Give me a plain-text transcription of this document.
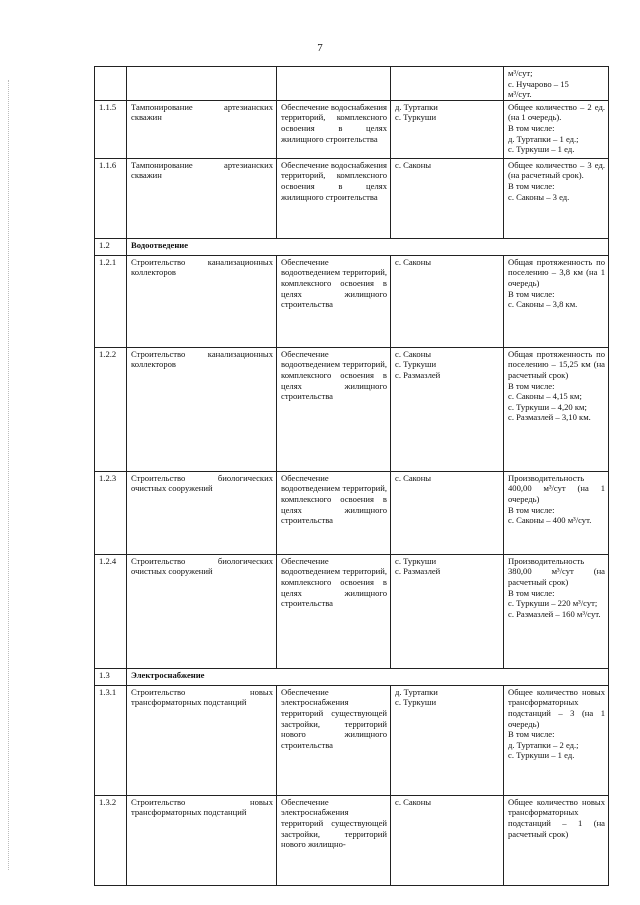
7

				м³/сут;
с. Нучарово – 15
м³/сут.

1.1.5	Тампонирование артезианских скважин	Обеспечение водоснабжения территорий, комплексного освоения в целях жилищного строительства	д. Туртапки
с. Туркуши	Общее количество – 2 ед. (на 1 очередь).
В том числе:
д. Туртапки – 1 ед.;
с. Туркуши – 1 ед.

1.1.6	Тампонирование артезианских скважин	Обеспечение водоснабжения территорий, комплексного освоения в целях жилищного строительства	с. Саконы	Общее количество – 3 ед. (на расчетный срок).
В том числе:
с. Саконы – 3 ед.

1.2	Водоотведение			
1.2.1	Строительство канализационных коллекторов	Обеспечение водоотведением территорий, комплексного освоения в целях жилищного строительства	с. Саконы	Общая протяженность по поселению – 3,8 км (на 1 очередь)
В том числе:
с. Саконы – 3,8 км.

1.2.2	Строительство канализационных коллекторов	Обеспечение водоотведением территорий, комплексного освоения в целях жилищного строительства	с. Саконы
с. Туркуши
с. Размазлей	Общая протяженность по поселению – 15,25 км (на расчетный срок)
В том числе:
с. Саконы – 4,15 км;
с. Туркуши – 4,20 км;
с. Размазлей – 3,10 км.

1.2.3	Строительство биологических очистных сооружений	Обеспечение водоотведением территорий, комплексного освоения в целях жилищного строительства	с. Саконы	Производительность
400,00 м³/сут (на 1 очередь)
В том числе:
с. Саконы – 400 м³/сут.

1.2.4	Строительство биологических очистных сооружений	Обеспечение водоотведением территорий, комплексного освоения в целях жилищного строительства	с. Туркуши
с. Размазлей	Производительность
380,00 м³/сут (на расчетный срок)
В том числе:
с. Туркуши – 220 м³/сут;
с. Размазлей – 160 м³/сут.

1.3	Электроснабжение			
1.3.1	Строительство новых трансформаторных подстанций	Обеспечение электроснабжения территорий существующей застройки, территорий нового жилищного строительства	д. Туртапки
с. Туркуши	Общее количество новых трансформаторных подстанций – 3 (на 1 очередь)
В том числе:
д. Туртапки – 2 ед.;
с. Туркуши – 1 ед.

1.3.2	Строительство новых трансформаторных подстанций	Обеспечение электроснабжения территорий существующей застройки, территорий нового жилищно-	с. Саконы	Общее количество новых трансформаторных подстанций – 1 (на расчетный срок)
